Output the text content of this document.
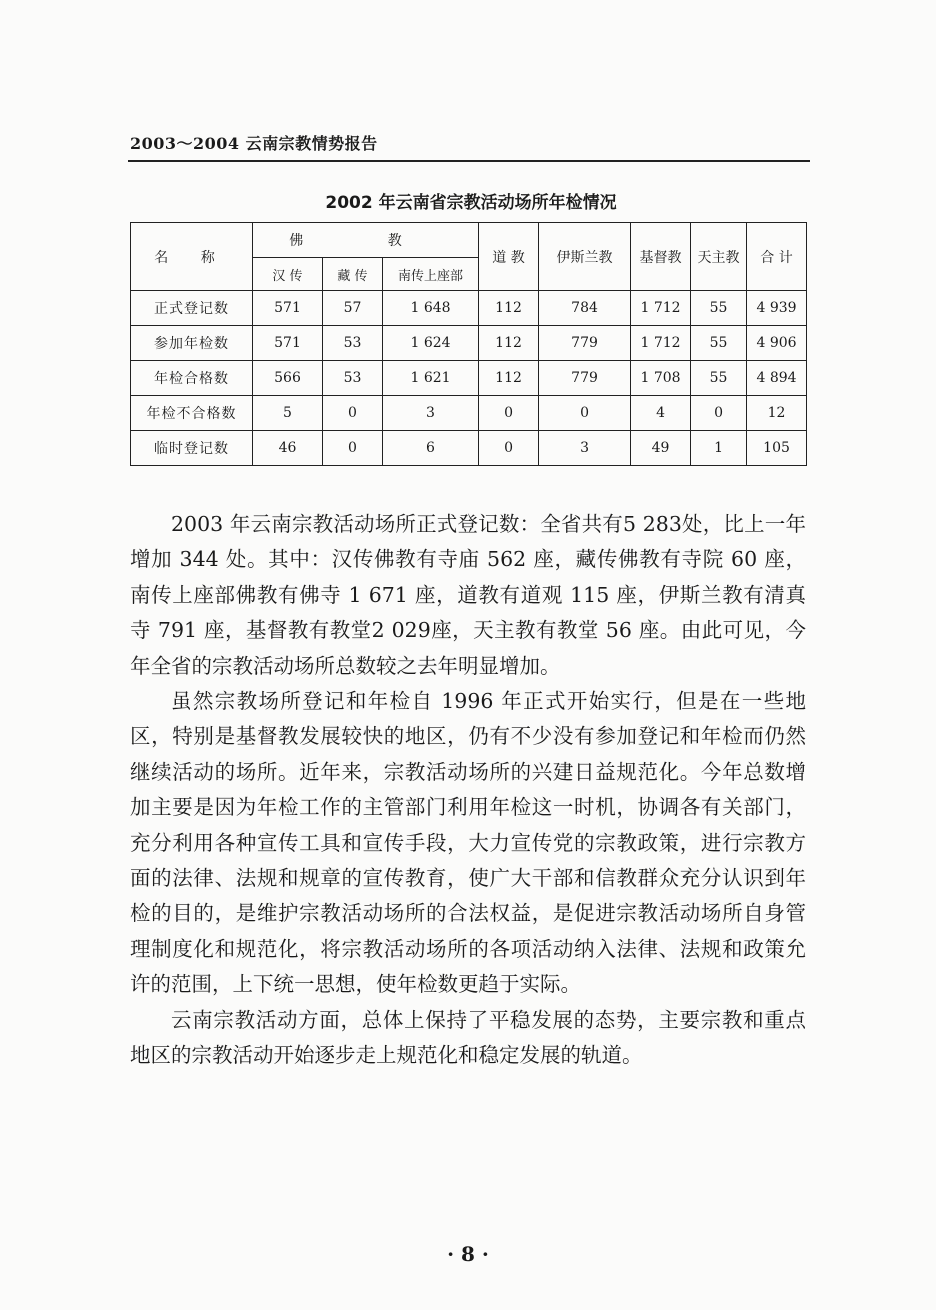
2003～2004 云南宗教情势报告
2002 年云南省宗教活动场所年检情况
名 称	佛 教			道 教	伊斯兰教	基督教	天主教	合 计
	汉 传	藏 传	南传上座部					
正式登记数	571	57	1 648	112	784	1 712	55	4 939
参加年检数	571	53	1 624	112	779	1 712	55	4 906
年检合格数	566	53	1 621	112	779	1 708	55	4 894
年检不合格数	5	0	3	0	0	4	0	12
临时登记数	46	0	6	0	3	49	1	105

2003 年云南宗教活动场所正式登记数：全省共有5 283处，比上一年增加 344 处。其中：汉传佛教有寺庙 562 座，藏传佛教有寺院 60 座，南传上座部佛教有佛寺 1 671 座，道教有道观 115 座，伊斯兰教有清真寺 791 座，基督教有教堂2 029座，天主教有教堂 56 座。由此可见，今年全省的宗教活动场所总数较之去年明显增加。

虽然宗教场所登记和年检自 1996 年正式开始实行，但是在一些地区，特别是基督教发展较快的地区，仍有不少没有参加登记和年检而仍然继续活动的场所。近年来，宗教活动场所的兴建日益规范化。今年总数增加主要是因为年检工作的主管部门利用年检这一时机，协调各有关部门，充分利用各种宣传工具和宣传手段，大力宣传党的宗教政策，进行宗教方面的法律、法规和规章的宣传教育，使广大干部和信教群众充分认识到年检的目的，是维护宗教活动场所的合法权益，是促进宗教活动场所自身管理制度化和规范化，将宗教活动场所的各项活动纳入法律、法规和政策允许的范围，上下统一思想，使年检数更趋于实际。

云南宗教活动方面，总体上保持了平稳发展的态势，主要宗教和重点地区的宗教活动开始逐步走上规范化和稳定发展的轨道。

· 8 ·
